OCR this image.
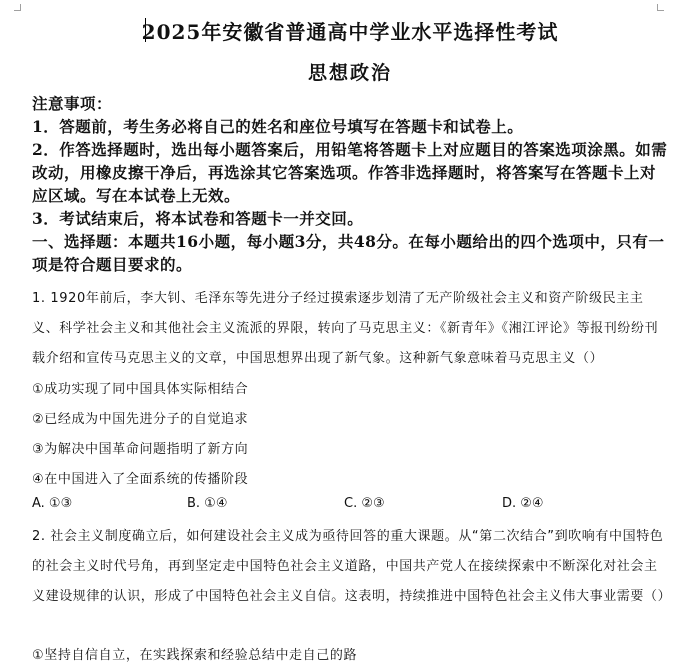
2025年安徽省普通高中学业水平选择性考试
思想政治
注意事项：
1．答题前，考生务必将自己的姓名和座位号填写在答题卡和试卷上。
2．作答选择题时，选出每小题答案后，用铅笔将答题卡上对应题目的答案选项涂黑。如需改动，用橡皮擦干净后，再选涂其它答案选项。作答非选择题时，将答案写在答题卡上对应区域。写在本试卷上无效。
3．考试结束后，将本试卷和答题卡一并交回。
一、选择题：本题共16小题，每小题3分，共48分。在每小题给出的四个选项中，只有一项是符合题目要求的。
1. 1920年前后，李大钊、毛泽东等先进分子经过摸索逐步划清了无产阶级社会主义和资产阶级民主主义、科学社会主义和其他社会主义流派的界限，转向了马克思主义：《新青年》《湘江评论》等报刊纷纷刊载介绍和宣传马克思主义的文章，中国思想界出现了新气象。这种新气象意味着马克思主义（）
①成功实现了同中国具体实际相结合
②已经成为中国先进分子的自觉追求
③为解决中国革命问题指明了新方向
④在中国进入了全面系统的传播阶段
A. ①③	B. ①④	C. ②③	D. ②④
2. 社会主义制度确立后，如何建设社会主义成为亟待回答的重大课题。从“第二次结合”到吹响有中国特色的社会主义时代号角，再到坚定走中国特色社会主义道路，中国共产党人在接续探索中不断深化对社会主义建设规律的认识，形成了中国特色社会主义自信。这表明，持续推进中国特色社会主义伟大事业需要（）
①坚持自信自立，在实践探索和经验总结中走自己的路
